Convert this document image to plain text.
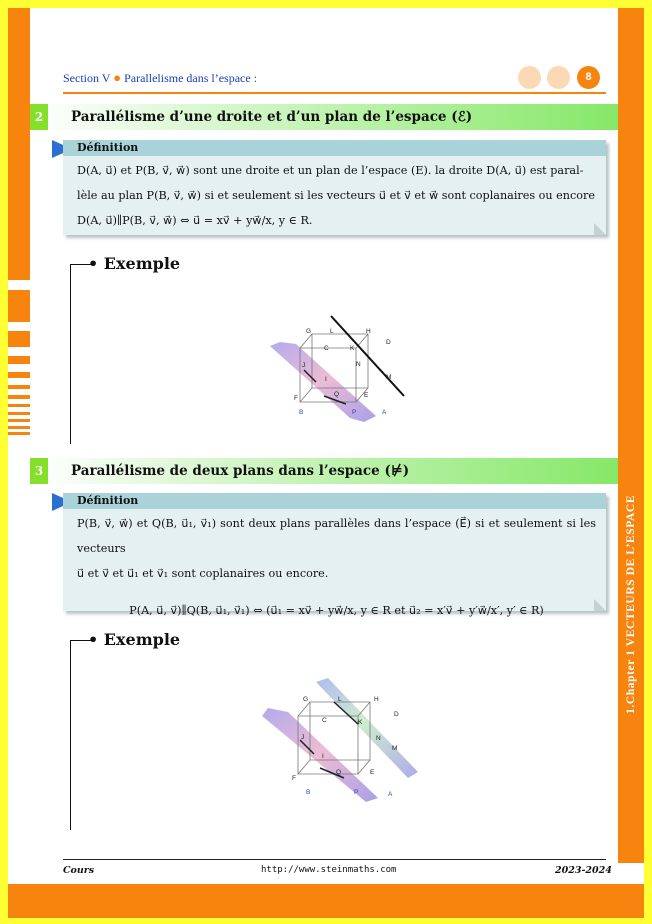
1.Chapter 1 VECTEURS DE L’ESPACE
Section V ● Parallelisme dans l’espace :	8
2	Parallélisme d’une droite et d’un plan de l’espace (ℰ)
Définition
D(A, u⃗) et P(B, v⃗, w⃗) sont une droite et un plan de l’espace (E). la droite D(A, u⃗) est paral-
lèle au plan P(B, v⃗, w⃗) si et seulement si les vecteurs u⃗ et v⃗ et w⃗ sont coplanaires ou encore
D(A, u⃗)∥P(B, v⃗, w⃗) ⇔ u⃗ = xv⃗ + yw⃗/x, y ∈ R.
• Exemple
G	L	H
C	K
D
N
J
I	M
F
Q	E
B	P	A
3	Parallélisme de deux plans dans l’espace (⊭)
Définition
P(B, v⃗, w⃗) et Q(B, u⃗₁, v⃗₁) sont deux plans parallèles dans l’espace (E⃗) si et seulement si les vecteurs
u⃗ et v⃗ et u⃗₁ et v⃗₁ sont coplanaires ou encore.
P(A, u⃗, v⃗)∥Q(B, u⃗₁, v⃗₁) ⇔ (u⃗₁ = xv⃗ + yw⃗/x, y ∈ R et u⃗₂ = x′v⃗ + y′w⃗/x′, y′ ∈ R)
• Exemple
G	L	H
C	K
D
N
J
I
M
F
Q	E
B	P	A
Cours	http://www.steinmaths.com	2023-2024
